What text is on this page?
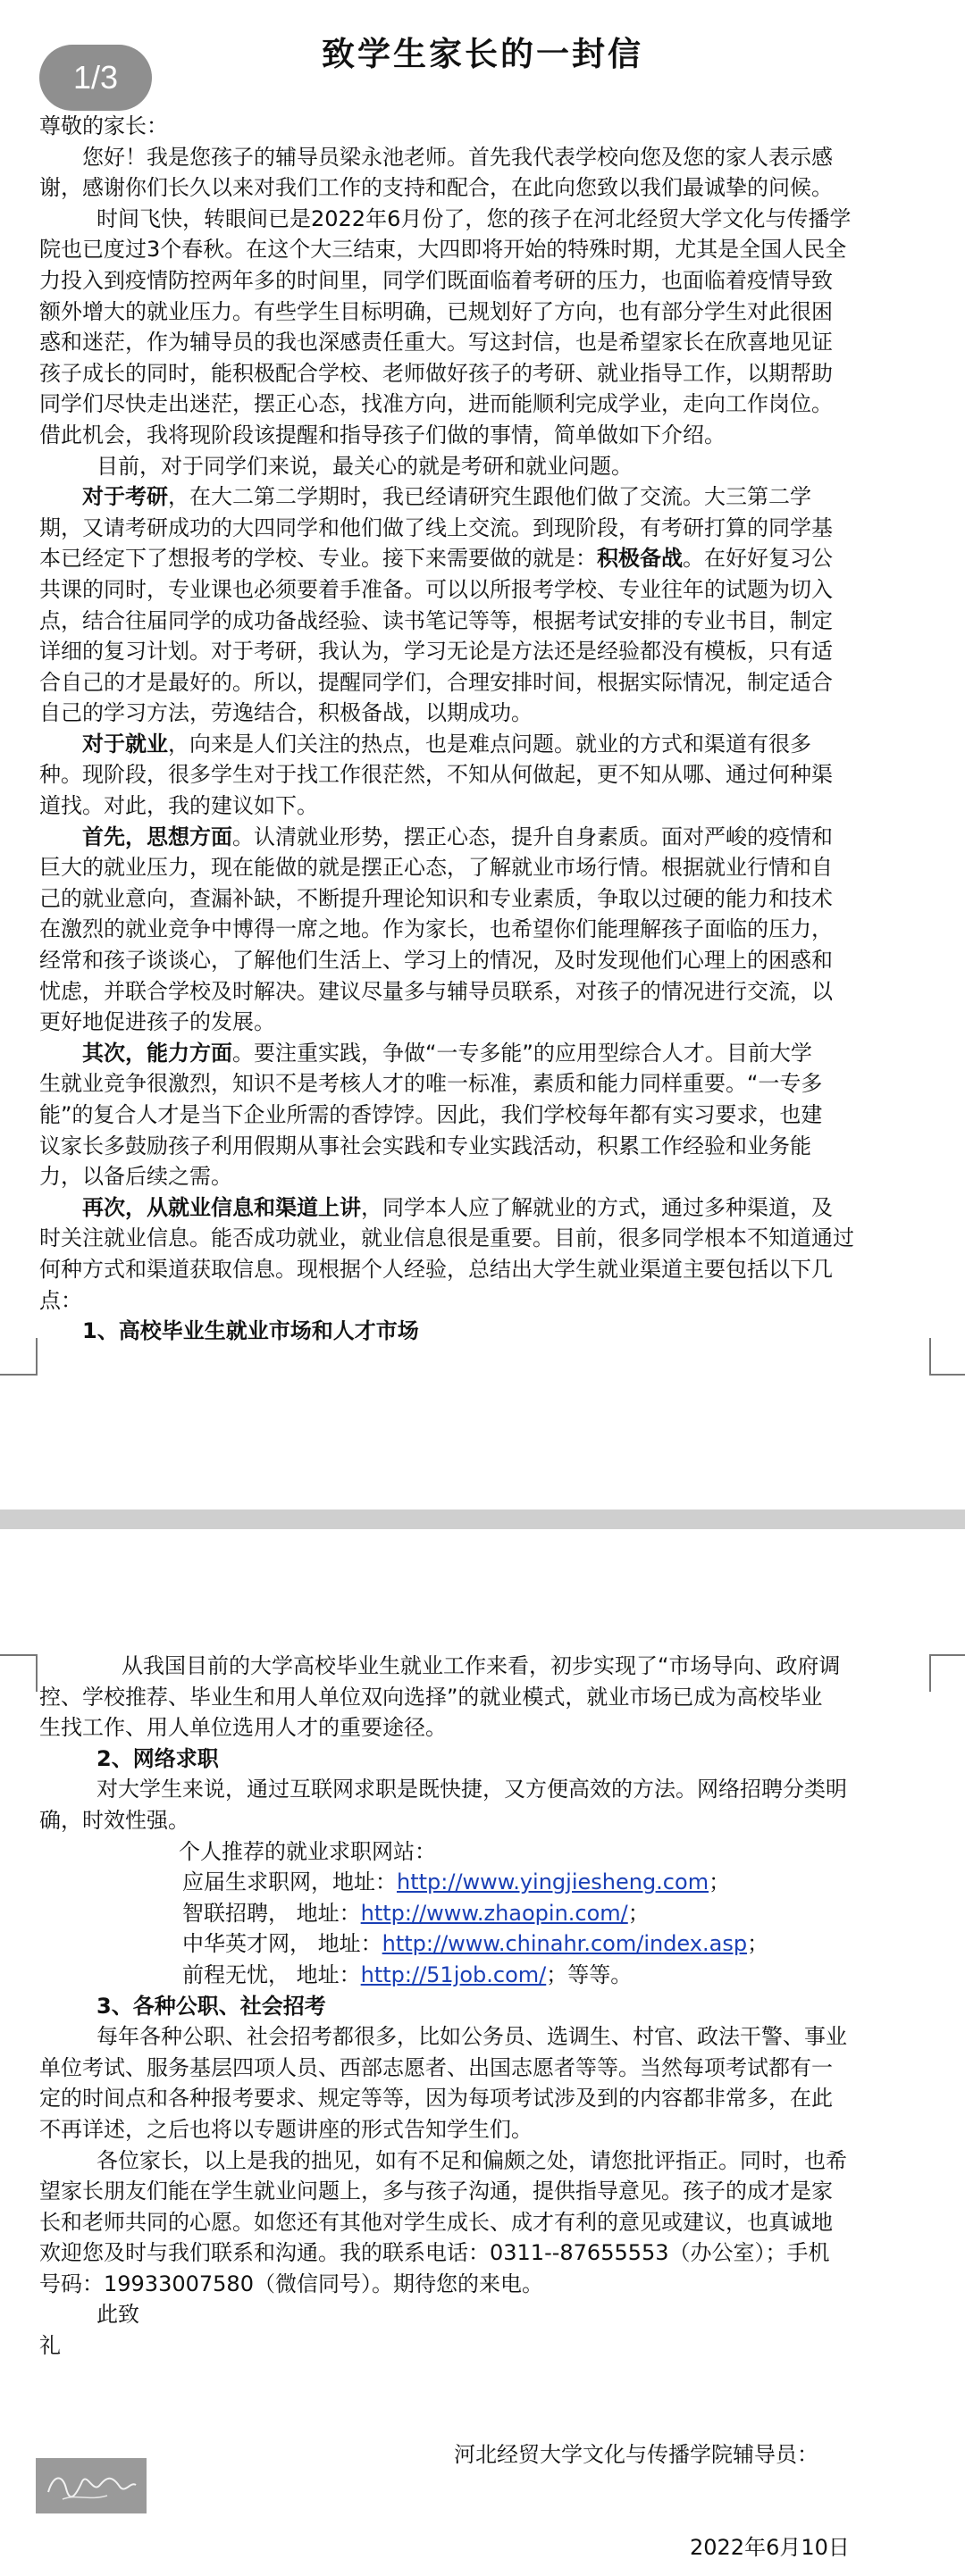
1/3
致学生家长的一封信
尊敬的家长：
您好！我是您孩子的辅导员梁永池老师。首先我代表学校向您及您的家人表示感
谢，感谢你们长久以来对我们工作的支持和配合，在此向您致以我们最诚挚的问候。
时间飞快，转眼间已是2022年6月份了，您的孩子在河北经贸大学文化与传播学
院也已度过3个春秋。在这个大三结束，大四即将开始的特殊时期，尤其是全国人民全
力投入到疫情防控两年多的时间里，同学们既面临着考研的压力，也面临着疫情导致
额外增大的就业压力。有些学生目标明确，已规划好了方向，也有部分学生对此很困
惑和迷茫，作为辅导员的我也深感责任重大。写这封信，也是希望家长在欣喜地见证
孩子成长的同时，能积极配合学校、老师做好孩子的考研、就业指导工作，以期帮助
同学们尽快走出迷茫，摆正心态，找准方向，进而能顺利完成学业，走向工作岗位。
借此机会，我将现阶段该提醒和指导孩子们做的事情，简单做如下介绍。
目前，对于同学们来说，最关心的就是考研和就业问题。
对于考研，在大二第二学期时，我已经请研究生跟他们做了交流。大三第二学
期，又请考研成功的大四同学和他们做了线上交流。到现阶段，有考研打算的同学基
本已经定下了想报考的学校、专业。接下来需要做的就是：积极备战。在好好复习公
共课的同时，专业课也必须要着手准备。可以以所报考学校、专业往年的试题为切入
点，结合往届同学的成功备战经验、读书笔记等等，根据考试安排的专业书目，制定
详细的复习计划。对于考研，我认为，学习无论是方法还是经验都没有模板，只有适
合自己的才是最好的。所以，提醒同学们，合理安排时间，根据实际情况，制定适合
自己的学习方法，劳逸结合，积极备战，以期成功。
对于就业，向来是人们关注的热点，也是难点问题。就业的方式和渠道有很多
种。现阶段，很多学生对于找工作很茫然，不知从何做起，更不知从哪、通过何种渠
道找。对此，我的建议如下。
首先，思想方面。认清就业形势，摆正心态，提升自身素质。面对严峻的疫情和
巨大的就业压力，现在能做的就是摆正心态，了解就业市场行情。根据就业行情和自
己的就业意向，查漏补缺，不断提升理论知识和专业素质，争取以过硬的能力和技术
在激烈的就业竞争中博得一席之地。作为家长，也希望你们能理解孩子面临的压力，
经常和孩子谈谈心，了解他们生活上、学习上的情况，及时发现他们心理上的困惑和
忧虑，并联合学校及时解决。建议尽量多与辅导员联系，对孩子的情况进行交流，以
更好地促进孩子的发展。
其次，能力方面。要注重实践，争做“一专多能”的应用型综合人才。目前大学
生就业竞争很激烈，知识不是考核人才的唯一标准，素质和能力同样重要。“一专多
能”的复合人才是当下企业所需的香饽饽。因此，我们学校每年都有实习要求，也建
议家长多鼓励孩子利用假期从事社会实践和专业实践活动，积累工作经验和业务能
力，以备后续之需。
再次，从就业信息和渠道上讲，同学本人应了解就业的方式，通过多种渠道，及
时关注就业信息。能否成功就业，就业信息很是重要。目前，很多同学根本不知道通过
何种方式和渠道获取信息。现根据个人经验，总结出大学生就业渠道主要包括以下几
点：
1、高校毕业生就业市场和人才市场
从我国目前的大学高校毕业生就业工作来看，初步实现了“市场导向、政府调
控、学校推荐、毕业生和用人单位双向选择”的就业模式，就业市场已成为高校毕业
生找工作、用人单位选用人才的重要途径。
2、网络求职
对大学生来说，通过互联网求职是既快捷，又方便高效的方法。网络招聘分类明
确，时效性强。
个人推荐的就业求职网站：
应届生求职网，地址：http://www.yingjiesheng.com；
智联招聘， 地址：http://www.zhaopin.com/；
中华英才网， 地址：http://www.chinahr.com/index.asp；
前程无忧， 地址：http://51job.com/；等等。
3、各种公职、社会招考
每年各种公职、社会招考都很多，比如公务员、选调生、村官、政法干警、事业
单位考试、服务基层四项人员、西部志愿者、出国志愿者等等。当然每项考试都有一
定的时间点和各种报考要求、规定等等，因为每项考试涉及到的内容都非常多，在此
不再详述，之后也将以专题讲座的形式告知学生们。
各位家长，以上是我的拙见，如有不足和偏颇之处，请您批评指正。同时，也希
望家长朋友们能在学生就业问题上，多与孩子沟通，提供指导意见。孩子的成才是家
长和老师共同的心愿。如您还有其他对学生成长、成才有利的意见或建议，也真诚地
欢迎您及时与我们联系和沟通。我的联系电话：0311--87655553（办公室）；手机
号码：19933007580（微信同号）。期待您的来电。
此致
礼
河北经贸大学文化与传播学院辅导员：
2022年6月10日
